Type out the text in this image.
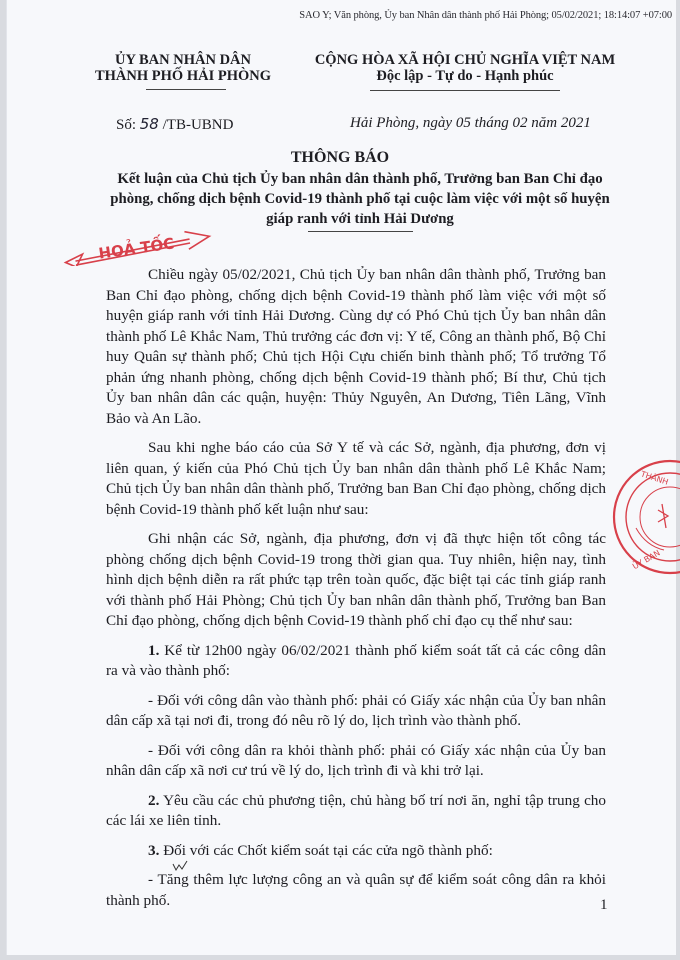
SAO Y; Văn phòng, Ủy ban Nhân dân thành phố Hải Phòng; 05/02/2021; 18:14:07 +07:00
ỦY BAN NHÂN DÂN
THÀNH PHỐ HẢI PHÒNG
CỘNG HÒA XÃ HỘI CHỦ NGHĨA VIỆT NAM
Độc lập - Tự do - Hạnh phúc
Số: 58 /TB-UBND	Hải Phòng, ngày 05 tháng 02 năm 2021
THÔNG BÁO
Kết luận của Chủ tịch Ủy ban nhân dân thành phố, Trưởng ban Ban Chỉ đạo phòng, chống dịch bệnh Covid-19 thành phố tại cuộc làm việc với một số huyện giáp ranh với tỉnh Hải Dương
HOẢ TỐC

Chiều ngày 05/02/2021, Chủ tịch Ủy ban nhân dân thành phố, Trưởng ban Ban Chỉ đạo phòng, chống dịch bệnh Covid-19 thành phố làm việc với một số huyện giáp ranh với tỉnh Hải Dương. Cùng dự có Phó Chủ tịch Ủy ban nhân dân thành phố Lê Khắc Nam, Thủ trưởng các đơn vị: Y tế, Công an thành phố, Bộ Chỉ huy Quân sự thành phố; Chủ tịch Hội Cựu chiến binh thành phố; Tổ trưởng Tổ phản ứng nhanh phòng, chống dịch bệnh Covid-19 thành phố; Bí thư, Chủ tịch Ủy ban nhân dân các quận, huyện: Thủy Nguyên, An Dương, Tiên Lãng, Vĩnh Bảo và An Lão.

Sau khi nghe báo cáo của Sở Y tế và các Sở, ngành, địa phương, đơn vị liên quan, ý kiến của Phó Chủ tịch Ủy ban nhân dân thành phố Lê Khắc Nam; Chủ tịch Ủy ban nhân dân thành phố, Trưởng ban Ban Chỉ đạo phòng, chống dịch bệnh Covid-19 thành phố kết luận như sau:

Ghi nhận các Sở, ngành, địa phương, đơn vị đã thực hiện tốt công tác phòng chống dịch bệnh Covid-19 trong thời gian qua. Tuy nhiên, hiện nay, tình hình dịch bệnh diễn ra rất phức tạp trên toàn quốc, đặc biệt tại các tỉnh giáp ranh với thành phố Hải Phòng; Chủ tịch Ủy ban nhân dân thành phố, Trưởng ban Ban Chỉ đạo phòng, chống dịch bệnh Covid-19 thành phố chỉ đạo cụ thể như sau:

1. Kể từ 12h00 ngày 06/02/2021 thành phố kiểm soát tất cả các công dân ra và vào thành phố:

- Đối với công dân vào thành phố: phải có Giấy xác nhận của Ủy ban nhân dân cấp xã tại nơi đi, trong đó nêu rõ lý do, lịch trình vào thành phố.

- Đối với công dân ra khỏi thành phố: phải có Giấy xác nhận của Ủy ban nhân dân cấp xã nơi cư trú về lý do, lịch trình đi và khi trở lại.

2. Yêu cầu các chủ phương tiện, chủ hàng bố trí nơi ăn, nghỉ tập trung cho các lái xe liên tỉnh.

3. Đối với các Chốt kiểm soát tại các cửa ngõ thành phố:

- Tăng thêm lực lượng công an và quân sự để kiểm soát công dân ra khỏi thành phố.

THÀNH
ỦY BAN
1
